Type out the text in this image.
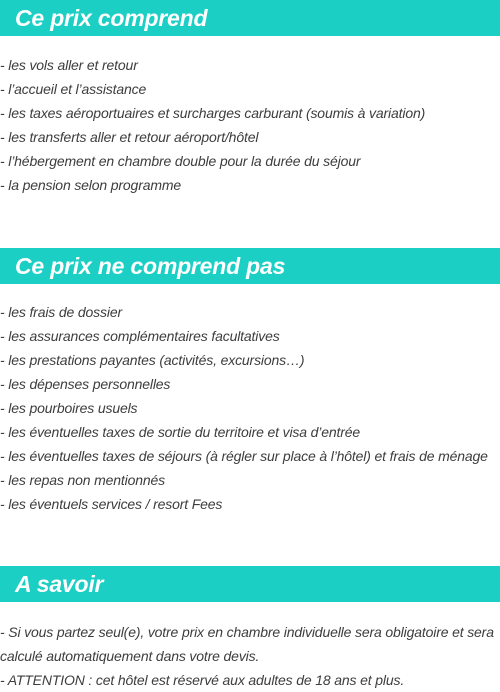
Ce prix comprend
- les vols aller et retour
- l’accueil et l’assistance
- les taxes aéroportuaires et surcharges carburant (soumis à variation)
- les transferts aller et retour aéroport/hôtel
- l’hébergement en chambre double pour la durée du séjour
- la pension selon programme
Ce prix ne comprend pas
- les frais de dossier
- les assurances complémentaires facultatives
- les prestations payantes (activités, excursions…)
- les dépenses personnelles
- les pourboires usuels
- les éventuelles taxes de sortie du territoire et visa d’entrée
- les éventuelles taxes de séjours (à régler sur place à l’hôtel) et frais de ménage
- les repas non mentionnés
- les éventuels services / resort Fees
A savoir
- Si vous partez seul(e), votre prix en chambre individuelle sera obligatoire et sera calculé automatiquement dans votre devis.
- ATTENTION : cet hôtel est réservé aux adultes de 18 ans et plus.
